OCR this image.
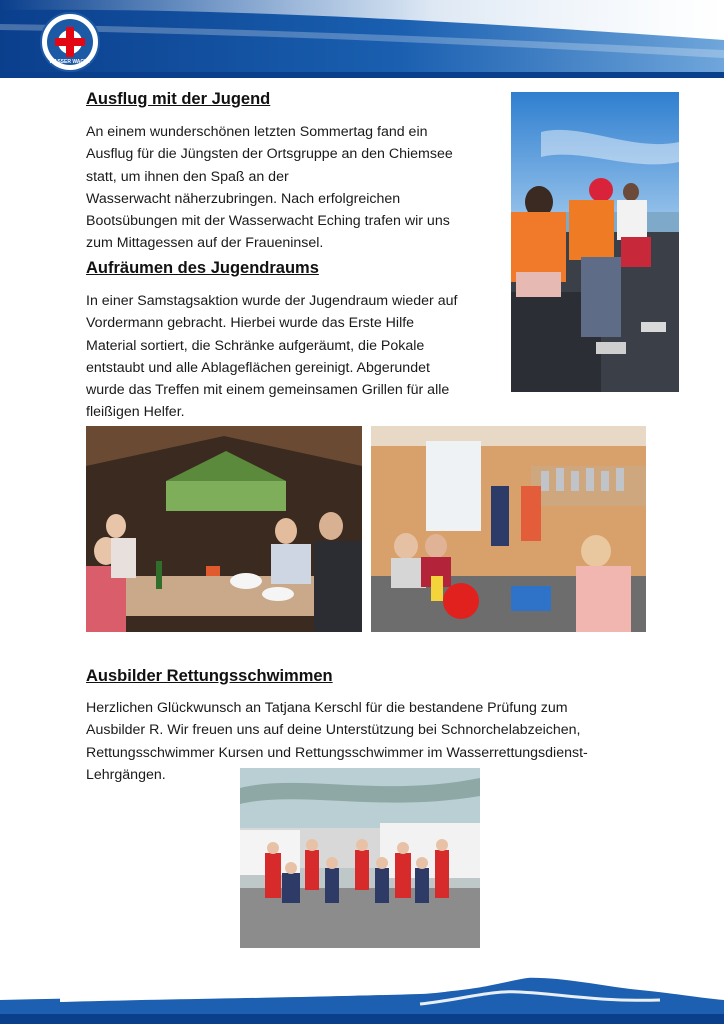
WASSER WACHT
Ausflug mit der Jugend

An einem wunderschönen letzten Sommertag fand ein
Ausflug für die Jüngsten der Ortsgruppe an den Chiemsee
statt, um ihnen den Spaß an der
Wasserwacht näherzubringen. Nach erfolgreichen
Bootsübungen mit der Wasserwacht Eching trafen wir uns
zum Mittagessen auf der Fraueninsel.

Aufräumen des Jugendraums

In einer Samstagsaktion wurde der Jugendraum wieder auf
Vordermann gebracht. Hierbei wurde das Erste Hilfe
Material sortiert, die Schränke aufgeräumt, die Pokale
entstaubt und alle Ablageflächen gereinigt. Abgerundet
wurde das Treffen mit einem gemeinsamen Grillen für alle
fleißigen Helfer.

Ausbilder Rettungsschwimmen

Herzlichen Glückwunsch an Tatjana Kerschl für die bestandene Prüfung zum
Ausbilder R. Wir freuen uns auf deine Unterstützung bei Schnorchelabzeichen,
Rettungsschwimmer Kursen und Rettungsschwimmer im Wasserrettungsdienst-
Lehrgängen.
